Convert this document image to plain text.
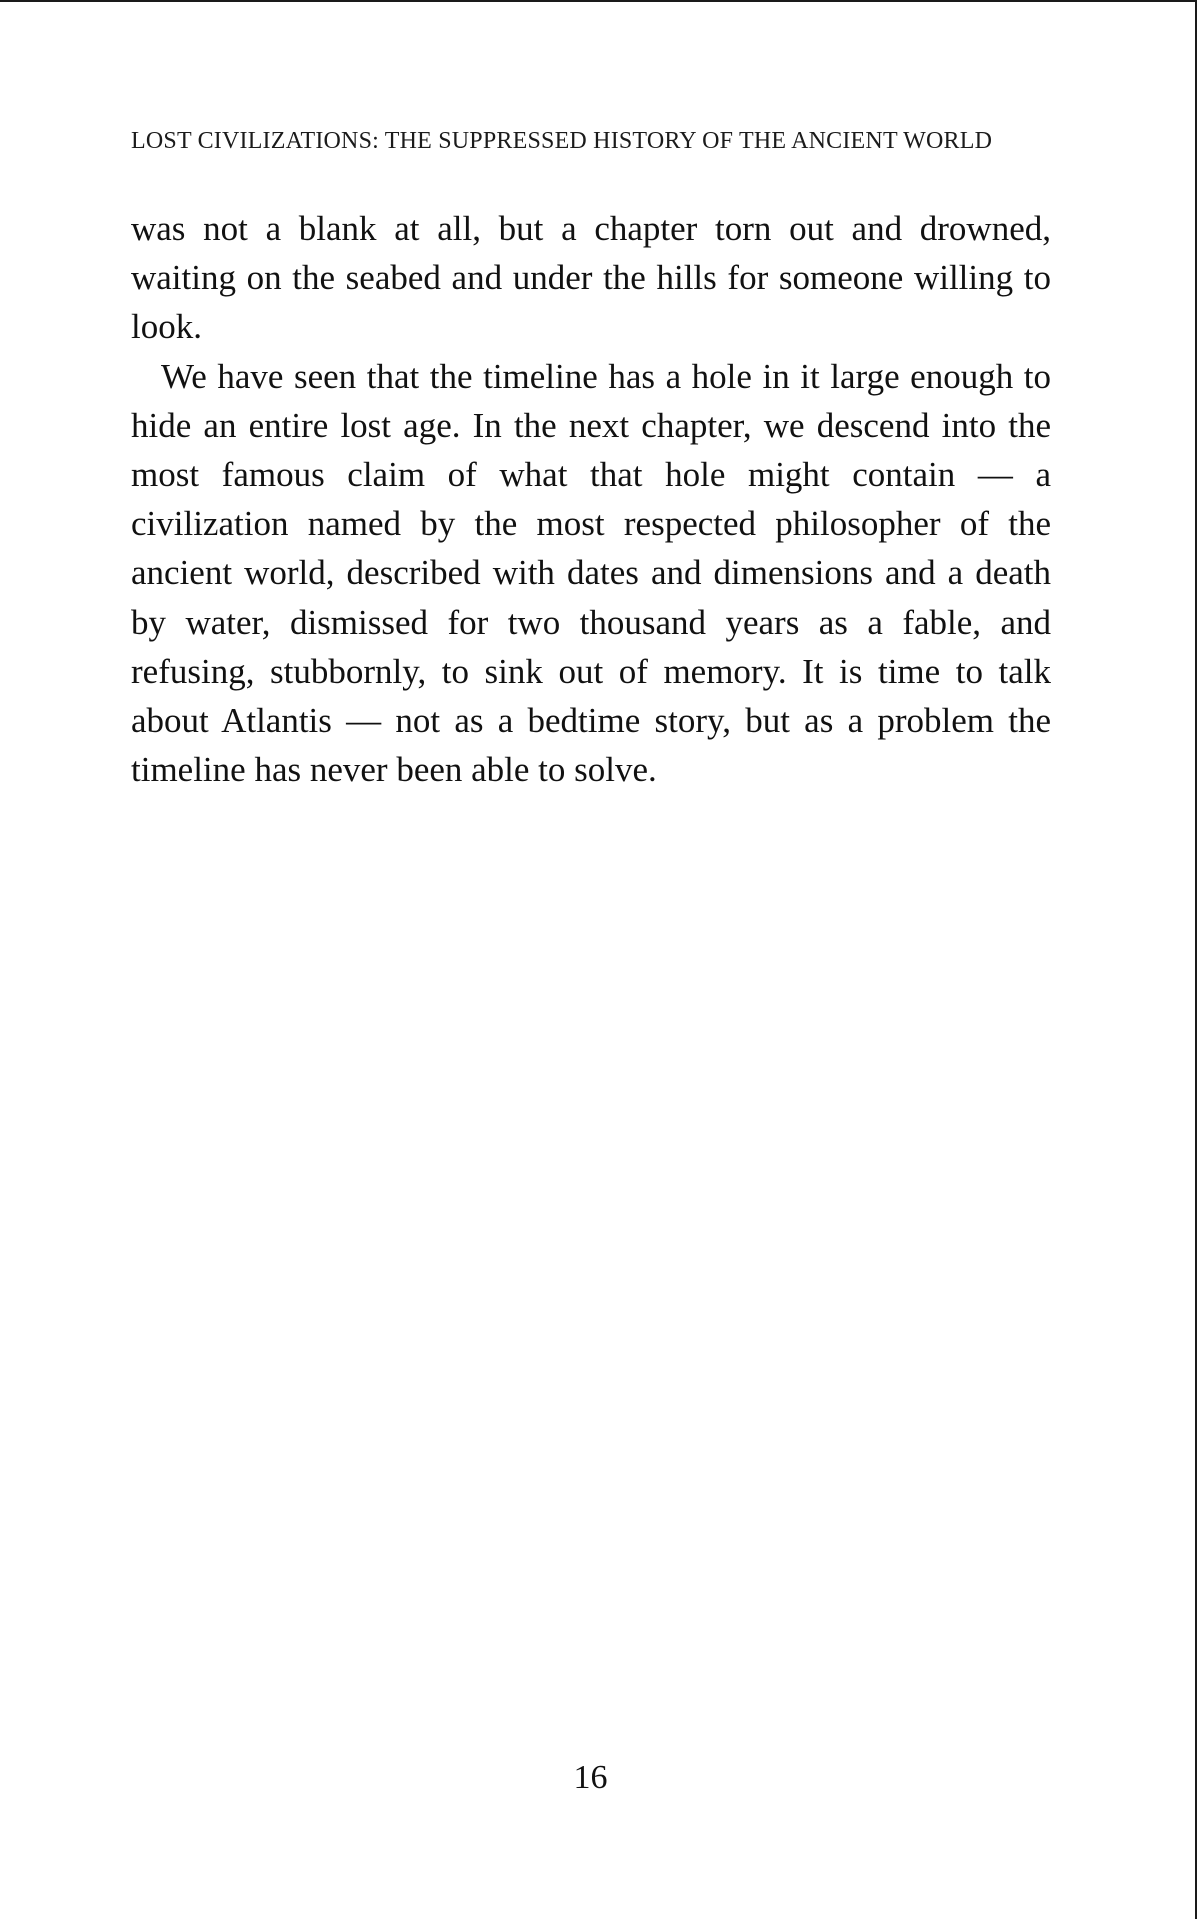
LOST CIVILIZATIONS: THE SUPPRESSED HISTORY OF THE ANCIENT WORLD

was not a blank at all, but a chapter torn out and drowned, waiting on the seabed and under the hills for someone willing to look.

We have seen that the timeline has a hole in it large enough to hide an entire lost age. In the next chapter, we descend into the most famous claim of what that hole might contain — a civilization named by the most respected philosopher of the ancient world, described with dates and dimensions and a death by water, dismissed for two thousand years as a fable, and refusing, stubbornly, to sink out of memory. It is time to talk about Atlantis — not as a bedtime story, but as a problem the timeline has never been able to solve.

16
